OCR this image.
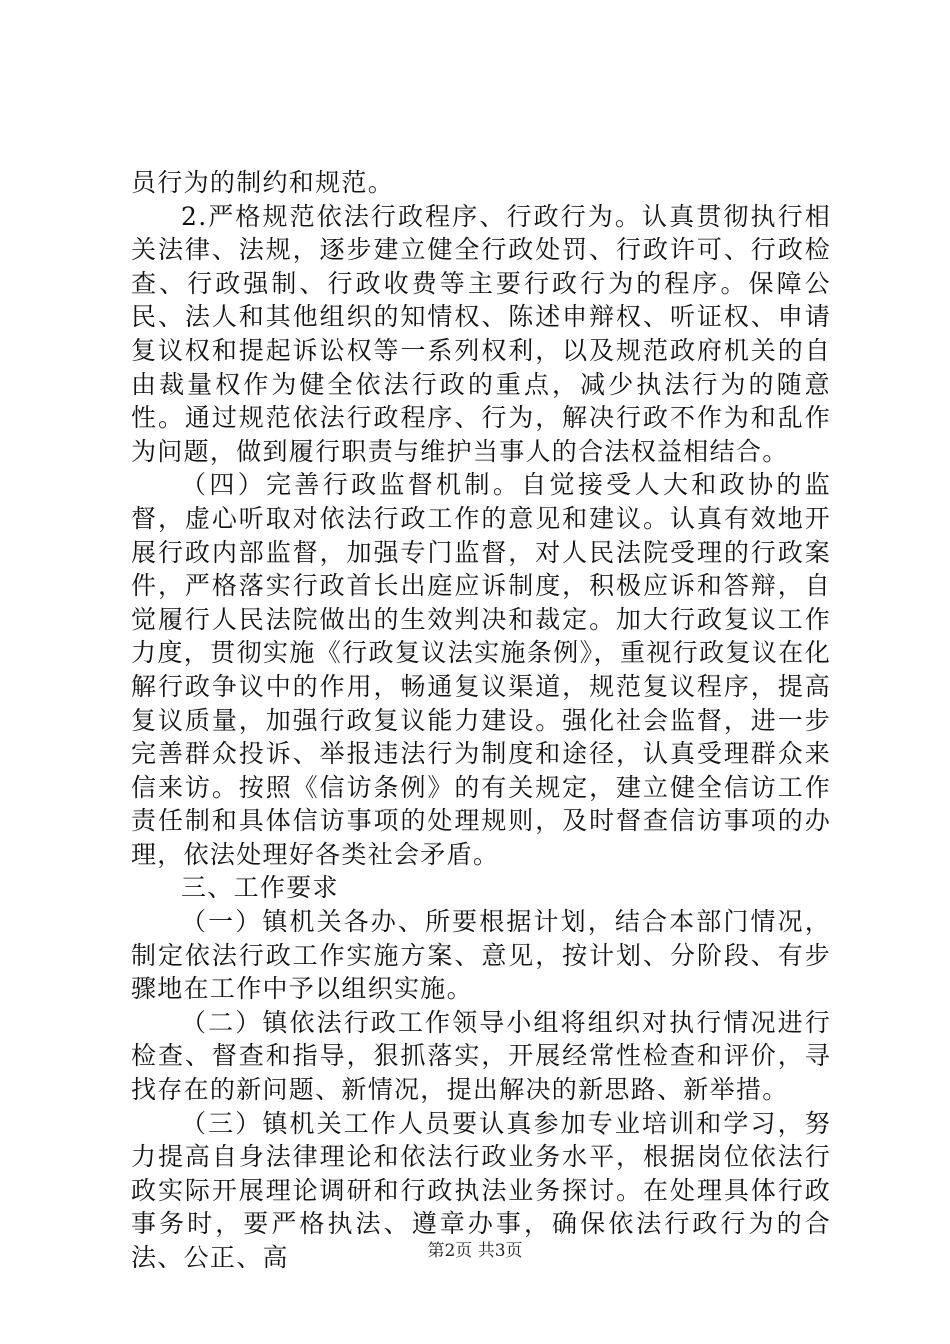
员行为的制约和规范。

2.严格规范依法行政程序、行政行为。认真贯彻执行相关法律、法规，逐步建立健全行政处罚、行政许可、行政检查、行政强制、行政收费等主要行政行为的程序。保障公民、法人和其他组织的知情权、陈述申辩权、听证权、申请复议权和提起诉讼权等一系列权利，以及规范政府机关的自由裁量权作为健全依法行政的重点，减少执法行为的随意性。通过规范依法行政程序、行为，解决行政不作为和乱作为问题，做到履行职责与维护当事人的合法权益相结合。

（四）完善行政监督机制。自觉接受人大和政协的监督，虚心听取对依法行政工作的意见和建议。认真有效地开展行政内部监督，加强专门监督，对人民法院受理的行政案件，严格落实行政首长出庭应诉制度，积极应诉和答辩，自觉履行人民法院做出的生效判决和裁定。加大行政复议工作力度，贯彻实施《行政复议法实施条例》，重视行政复议在化解行政争议中的作用，畅通复议渠道，规范复议程序，提高复议质量，加强行政复议能力建设。强化社会监督，进一步完善群众投诉、举报违法行为制度和途径，认真受理群众来信来访。按照《信访条例》的有关规定，建立健全信访工作责任制和具体信访事项的处理规则，及时督查信访事项的办理，依法处理好各类社会矛盾。

三、工作要求

（一）镇机关各办、所要根据计划，结合本部门情况，制定依法行政工作实施方案、意见，按计划、分阶段、有步骤地在工作中予以组织实施。

（二）镇依法行政工作领导小组将组织对执行情况进行检查、督查和指导，狠抓落实，开展经常性检查和评价，寻找存在的新问题、新情况，提出解决的新思路、新举措。

（三）镇机关工作人员要认真参加专业培训和学习，努力提高自身法律理论和依法行政业务水平，根据岗位依法行政实际开展理论调研和行政执法业务探讨。在处理具体行政事务时，要严格执法、遵章办事，确保依法行政行为的合法、公正、高	第2页 共3页
